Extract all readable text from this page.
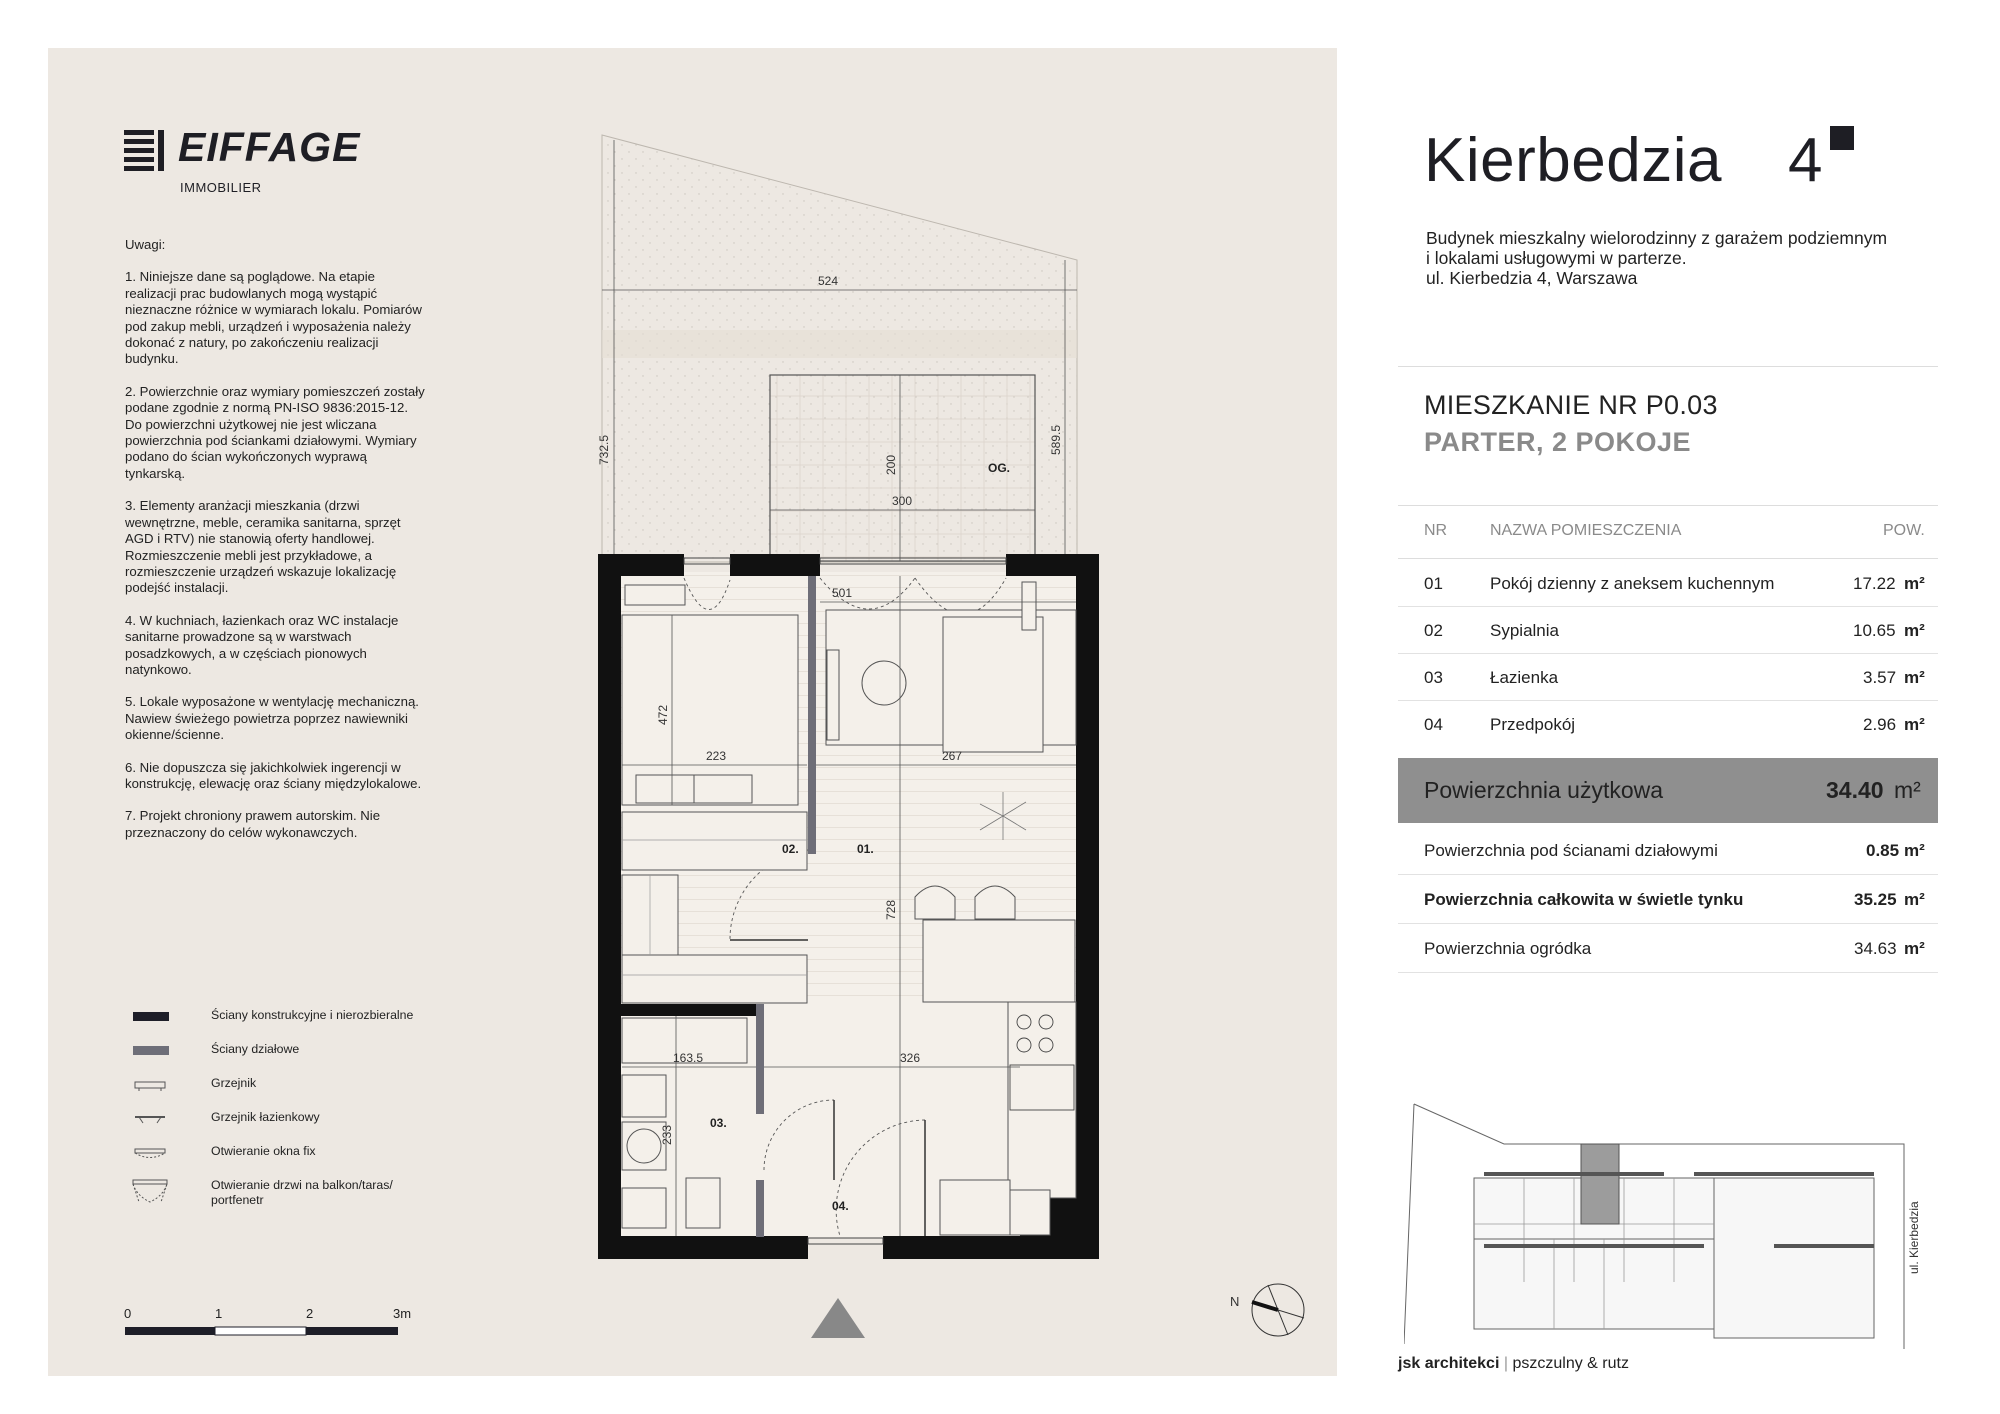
EIFFAGE
IMMOBILIER

Uwagi:

1. Niniejsze dane są poglądowe. Na etapie realizacji prac budowlanych mogą wystąpić nieznaczne różnice w wymiarach lokalu. Pomiarów pod zakup mebli, urządzeń i wyposażenia należy dokonać z natury, po zakończeniu realizacji budynku.

2. Powierzchnie oraz wymiary pomieszczeń zostały podane zgodnie z normą PN-ISO 9836:2015-12. Do powierzchni użytkowej nie jest wliczana powierzchnia pod ściankami działowymi. Wymiary podano do ścian wykończonych wyprawą tynkarską.

3. Elementy aranżacji mieszkania (drzwi wewnętrzne, meble, ceramika sanitarna, sprzęt AGD i RTV) nie stanowią oferty handlowej. Rozmieszczenie mebli jest przykładowe, a rozmieszczenie urządzeń wskazuje lokalizację podejść instalacji.

4. W kuchniach, łazienkach oraz WC instalacje sanitarne prowadzone są w warstwach posadzkowych, a w częściach pionowych natynkowo.

5. Lokale wyposażone w wentylację mechaniczną. Nawiew świeżego powietrza poprzez nawiewniki okienne/ścienne.

6. Nie dopuszcza się jakichkolwiek ingerencji w konstrukcję, elewację oraz ściany międzylokalowe.

7. Projekt chroniony prawem autorskim. Nie przeznaczony do celów wykonawczych.

Ściany konstrukcyjne i nierozbieralne
Ściany działowe
Grzejnik
Grzejnik łazienkowy
Otwieranie okna fix
Otwieranie drzwi na balkon/taras/ portfenetr
0	1	2	3m
524
732.5	589.5
200
300
501
472
223	267
728
163.5	326
233
OG.
01.
02.
03.
04.
N
Kierbedzia 4
Budynek mieszkalny wielorodzinny z garażem podziemnym
i lokalami usługowymi w parterze.
ul. Kierbedzia 4, Warszawa
MIESZKANIE NR P0.03
PARTER, 2 POKOJE
NR	NAZWA POMIESZCZENIA	POW.
01	Pokój dzienny z aneksem kuchennym	17.22 m²
02	Sypialnia	10.65 m²
03	Łazienka	3.57 m²
04	Przedpokój	2.96 m²
Powierzchnia użytkowa	34.40 m²
Powierzchnia pod ścianami działowymi	0.85 m²
Powierzchnia całkowita w świetle tynku	35.25 m²
Powierzchnia ogródka	34.63 m²
ul. Kierbedzia
jsk architekci | pszczulny & rutz
